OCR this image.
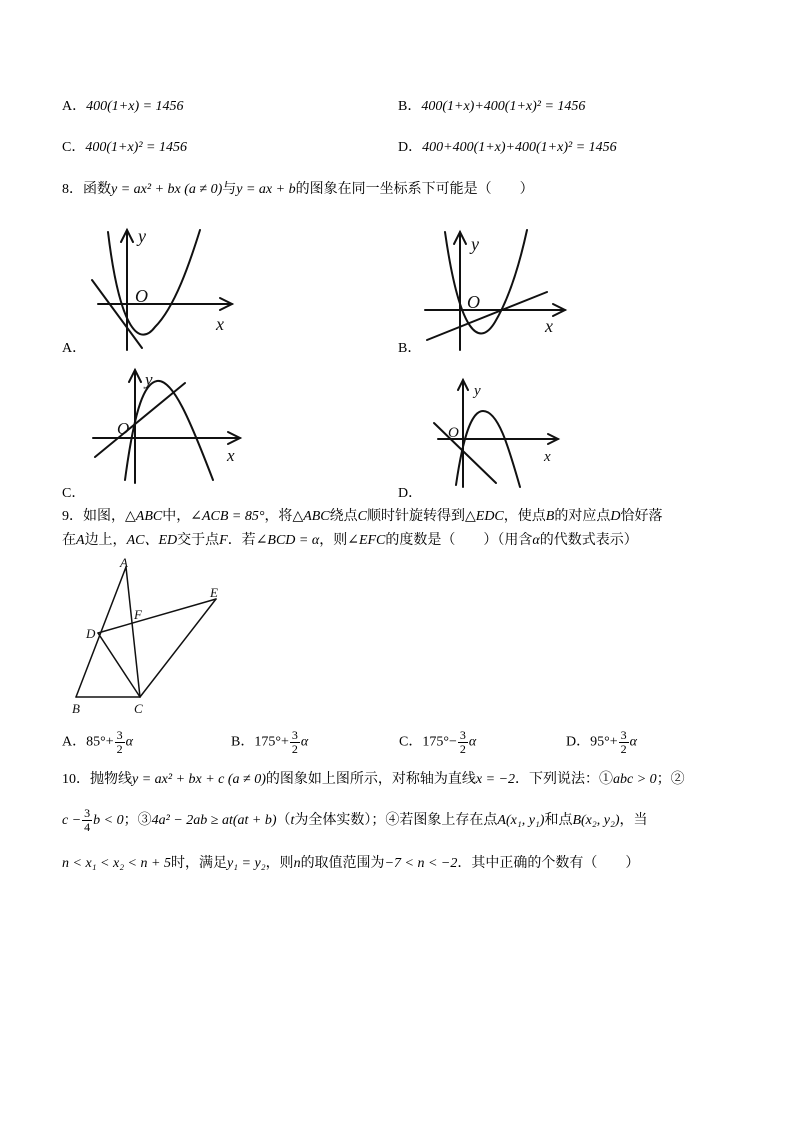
A．400(1+x) = 1456	B．400(1+x)+400(1+x)² = 1456
C．400(1+x)² = 1456	D．400+400(1+x)+400(1+x)² = 1456
8．函数y = ax² + bx (a ≠ 0)与y = ax + b的图象在同一坐标系下可能是（　　）
y
O
x
A．
y
O
x
B．
y
O
x
C．
y
O
x
D．
9．如图，△ABC中，∠ACB = 85°，将△ABC绕点C顺时针旋转得到△EDC，使点B的对应点D恰好落
在A边上，AC、ED交于点F．若∠BCD = α，则∠EFC的度数是（　　）（用含α的代数式表示）
A
B	C
D
E
F
A．$85^\circ+ \frac{3}{2}$ α	B．$175^\circ+ \frac{3}{2}$ α	C．$175^\circ- \frac{3}{2}$ α	D．$95^\circ+ \frac{3}{2}$ α
10．抛物线y = ax² + bx + c (a ≠ 0)的图象如上图所示，对称轴为直线x = −2．下列说法：①abc > 0；②
$c - \frac{3}{4}$ b < 0；③4a² − 2ab ≥ at(at + b)（t为全体实数）；④若图象上存在点A(x₁, y₁)和点B(x₂, y₂)，当
n < x₁ < x₂ < n + 5时，满足y₁ = y₂，则n的取值范围为−7 < n < −2．其中正确的个数有（　　）
